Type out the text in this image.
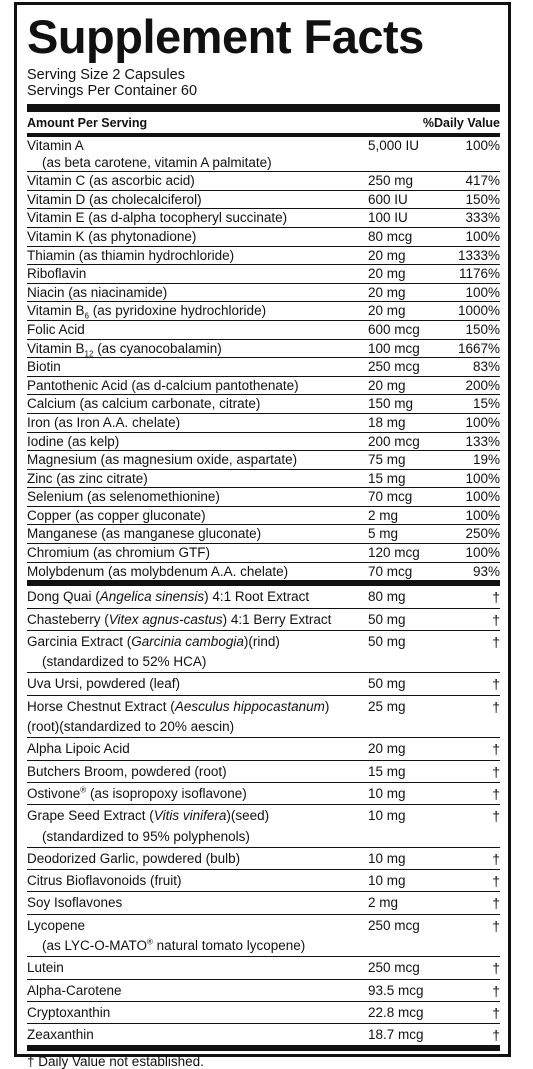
Supplement Facts
Serving Size 2 Capsules
Servings Per Container 60
Amount Per Serving	%Daily Value
Vitamin A
(as beta carotene, vitamin A palmitate)
5,000 IU	100%
Vitamin C (as ascorbic acid)	250 mg	417%
Vitamin D (as cholecalciferol)	600 IU	150%
Vitamin E (as d-alpha tocopheryl succinate)	100 IU	333%
Vitamin K (as phytonadione)	80 mcg	100%
Thiamin (as thiamin hydrochloride)	20 mg	1333%
Riboflavin	20 mg	1176%
Niacin (as niacinamide)	20 mg	100%
Vitamin $B_6$ (as pyridoxine hydrochloride)	20 mg	1000%
Folic Acid	600 mcg	150%
Vitamin $B_{12}$ (as cyanocobalamin)	100 mcg	1667%
Biotin	250 mcg	83%
Pantothenic Acid (as d-calcium pantothenate)	20 mg	200%
Calcium (as calcium carbonate, citrate)	150 mg	15%
Iron (as Iron A.A. chelate)	18 mg	100%
Iodine (as kelp)	200 mcg	133%
Magnesium (as magnesium oxide, aspartate)	75 mg	19%
Zinc (as zinc citrate)	15 mg	100%
Selenium (as selenomethionine)	70 mcg	100%
Copper (as copper gluconate)	2 mg	100%
Manganese (as manganese gluconate)	5 mg	250%
Chromium (as chromium GTF)	120 mcg	100%
Molybdenum (as molybdenum A.A. chelate)	70 mcg	93%
Dong Quai (Angelica sinensis) 4:1 Root Extract	80 mg	†
Chasteberry (Vitex agnus-castus) 4:1 Berry Extract	50 mg	†
Garcinia Extract (Garcinia cambogia)(rind)
(standardized to 52% HCA)
50 mg	†
Uva Ursi, powdered (leaf)	50 mg	†
Horse Chestnut Extract (Aesculus hippocastanum)
(root)(standardized to 20% aescin)
25 mg	†
Alpha Lipoic Acid	20 mg	†
Butchers Broom, powdered (root)	15 mg	†
Ostivone® (as isopropoxy isoflavone)	10 mg	†
Grape Seed Extract (Vitis vinifera)(seed)
(standardized to 95% polyphenols)
10 mg	†
Deodorized Garlic, powdered (bulb)	10 mg	†
Citrus Bioflavonoids (fruit)	10 mg	†
Soy Isoflavones	2 mg	†
Lycopene
(as LYC-O-MATO® natural tomato lycopene)
250 mcg	†
Lutein	250 mcg	†
Alpha-Carotene	93.5 mcg	†
Cryptoxanthin	22.8 mcg	†
Zeaxanthin	18.7 mcg	†
† Daily Value not established.
